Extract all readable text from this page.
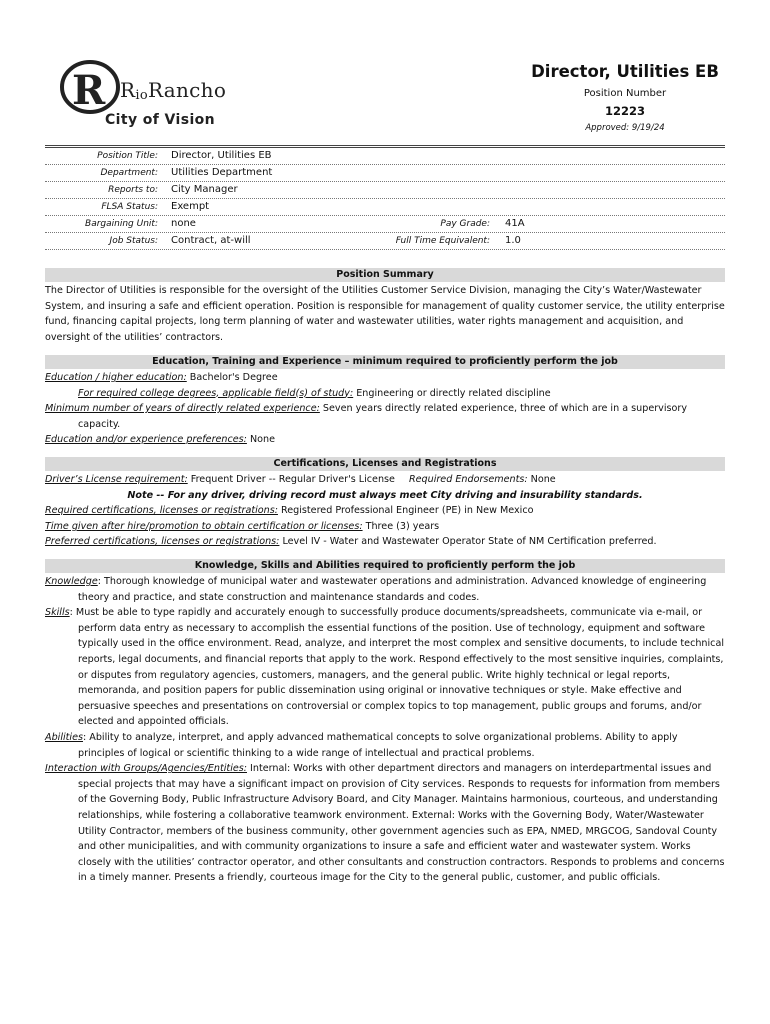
R RioRancho
City of Vision
Director, Utilities EB
Position Number
12223
Approved: 9/19/24
Position Title: Director, Utilities EB
Department: Utilities Department
Reports to: City Manager
FLSA Status: Exempt
Bargaining Unit: none	Pay Grade: 41A
Job Status: Contract, at-will	Full Time Equivalent: 1.0
Position Summary
The Director of Utilities is responsible for the oversight of the Utilities Customer Service Division, managing the City’s Water/Wastewater System, and insuring a safe and efficient operation. Position is responsible for management of quality customer service, the utility enterprise fund, financing capital projects, long term planning of water and wastewater utilities, water rights management and acquisition, and oversight of the utilities’ contractors.
Education, Training and Experience – minimum required to proficiently perform the job

Education / higher education: Bachelor's Degree

For required college degrees, applicable field(s) of study: Engineering or directly related discipline

Minimum number of years of directly related experience: Seven years directly related experience, three of which are in a supervisory capacity.

Education and/or experience preferences: None

Certifications, Licenses and Registrations

Driver’s License requirement: Frequent Driver -- Regular Driver's License Required Endorsements: None

Note -- For any driver, driving record must always meet City driving and insurability standards.

Required certifications, licenses or registrations: Registered Professional Engineer (PE) in New Mexico

Time given after hire/promotion to obtain certification or licenses: Three (3) years

Preferred certifications, licenses or registrations: Level IV - Water and Wastewater Operator State of NM Certification preferred.

Knowledge, Skills and Abilities required to proficiently perform the job

Knowledge: Thorough knowledge of municipal water and wastewater operations and administration. Advanced knowledge of engineering theory and practice, and state construction and maintenance standards and codes.

Skills: Must be able to type rapidly and accurately enough to successfully produce documents/spreadsheets, communicate via e-mail, or perform data entry as necessary to accomplish the essential functions of the position. Use of technology, equipment and software typically used in the office environment. Read, analyze, and interpret the most complex and sensitive documents, to include technical reports, legal documents, and financial reports that apply to the work. Respond effectively to the most sensitive inquiries, complaints, or disputes from regulatory agencies, customers, managers, and the general public. Write highly technical or legal reports, memoranda, and position papers for public dissemination using original or innovative techniques or style. Make effective and persuasive speeches and presentations on controversial or complex topics to top management, public groups and forums, and/or elected and appointed officials.

Abilities: Ability to analyze, interpret, and apply advanced mathematical concepts to solve organizational problems. Ability to apply principles of logical or scientific thinking to a wide range of intellectual and practical problems.

Interaction with Groups/Agencies/Entities: Internal: Works with other department directors and managers on interdepartmental issues and special projects that may have a significant impact on provision of City services. Responds to requests for information from members of the Governing Body, Public Infrastructure Advisory Board, and City Manager. Maintains harmonious, courteous, and understanding relationships, while fostering a collaborative teamwork environment. External: Works with the Governing Body, Water/Wastewater Utility Contractor, members of the business community, other government agencies such as EPA, NMED, MRGCOG, Sandoval County and other municipalities, and with community organizations to insure a safe and efficient water and wastewater system. Works closely with the utilities’ contractor operator, and other consultants and construction contractors. Responds to problems and concerns in a timely manner. Presents a friendly, courteous image for the City to the general public, customer, and public officials.
